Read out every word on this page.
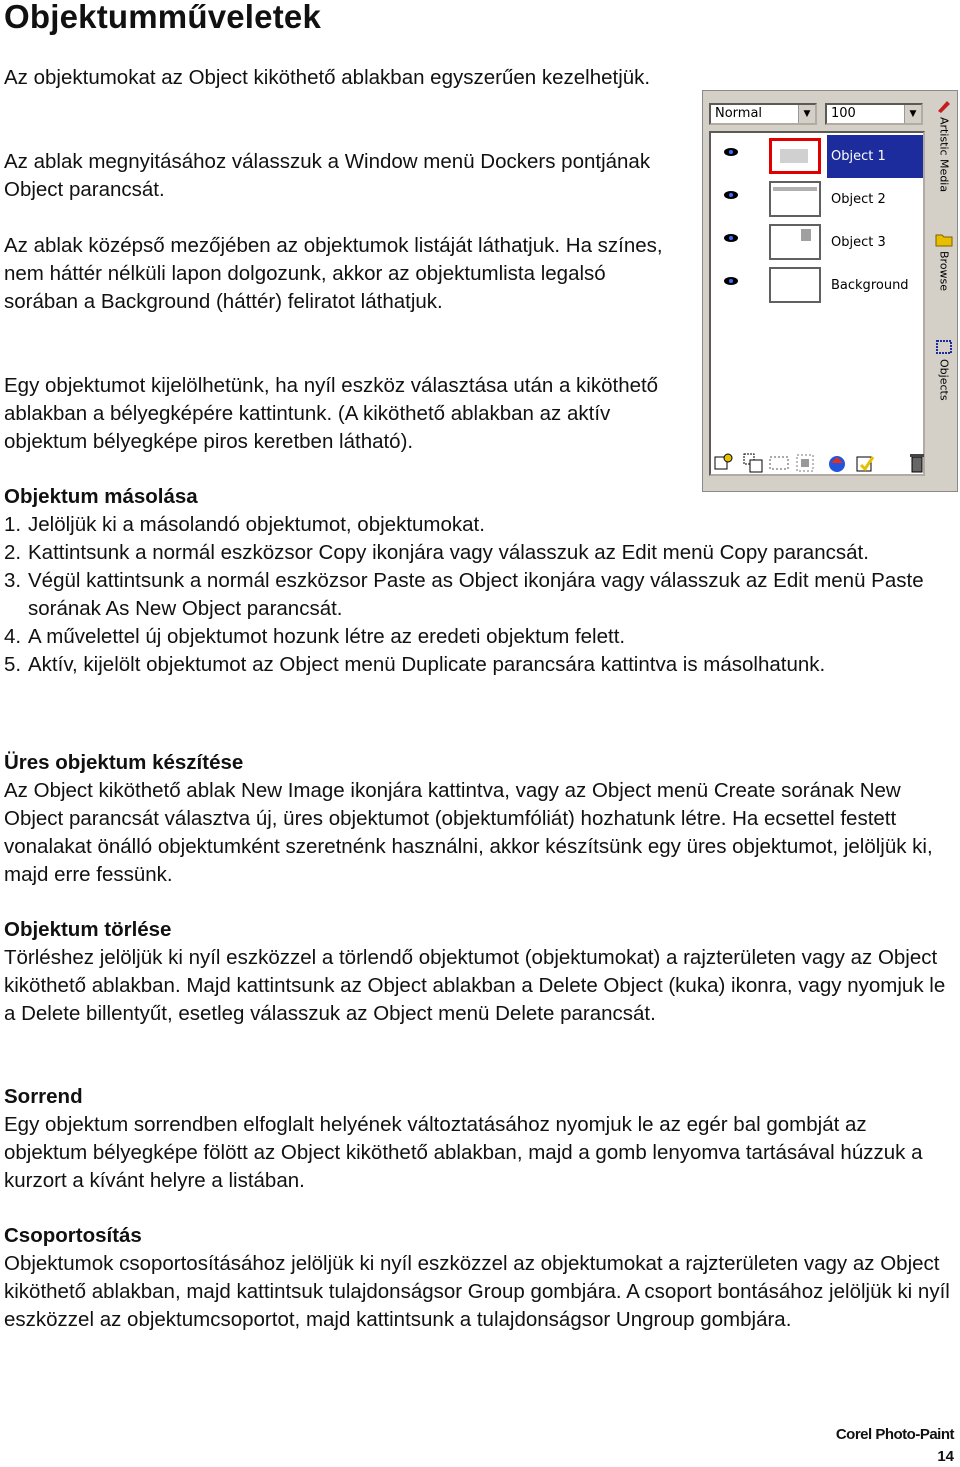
Objektumműveletek

Az objektumokat az Object kiköthető ablakban egyszerűen kezelhetjük.

Az ablak megnyitásához válasszuk a Window menü Dockers pontjának Object parancsát.

Az ablak középső mezőjében az objektumok listáját láthatjuk. Ha színes, nem háttér nélküli lapon dolgozunk, akkor az objektumlista legalsó sorában a Background (háttér) feliratot láthatjuk.

Egy objektumot kijelölhetünk, ha nyíl eszköz választása után a kiköthető ablakban a bélyegképére kattintunk. (A kiköthető ablakban az aktív objektum bélyegképe piros keretben látható).

Normal	▼	100	▼
Object 1
Object 2
Object 3
Background
Artistic Media
Browse
Objects
Objektum másolása
1. Jelöljük ki a másolandó objektumot, objektumokat.
2. Kattintsunk a normál eszközsor Copy ikonjára vagy válasszuk az Edit menü Copy parancsát.
3. Végül kattintsunk a normál eszközsor Paste as Object ikonjára vagy válasszuk az Edit menü Paste sorának As New Object parancsát.
4. A művelettel új objektumot hozunk létre az eredeti objektum felett.
5. Aktív, kijelölt objektumot az Object menü Duplicate parancsára kattintva is másolhatunk.
Üres objektum készítése

Az Object kiköthető ablak New Image ikonjára kattintva, vagy az Object menü Create sorának New Object parancsát választva új, üres objektumot (objektumfóliát) hozhatunk létre. Ha ecsettel festett vonalakat önálló objektumként szeretnénk használni, akkor készítsünk egy üres objektumot, jelöljük ki, majd erre fessünk.

Objektum törlése

Törléshez jelöljük ki nyíl eszközzel a törlendő objektumot (objektumokat) a rajzterületen vagy az Object kiköthető ablakban. Majd kattintsunk az Object ablakban a Delete Object (kuka) ikonra, vagy nyomjuk le a Delete billentyűt, esetleg válasszuk az Object menü Delete parancsát.

Sorrend

Egy objektum sorrendben elfoglalt helyének változtatásához nyomjuk le az egér bal gombját az objektum bélyegképe fölött az Object kiköthető ablakban, majd a gomb lenyomva tartásával húzzuk a kurzort a kívánt helyre a listában.

Csoportosítás

Objektumok csoportosításához jelöljük ki nyíl eszközzel az objektumokat a rajzterületen vagy az Object kiköthető ablakban, majd kattintsuk tulajdonságsor Group gombjára. A csoport bontásához jelöljük ki nyíl eszközzel az objektumcsoportot, majd kattintsunk a tulajdonságsor Ungroup gombjára.

Corel Photo-Paint
14
